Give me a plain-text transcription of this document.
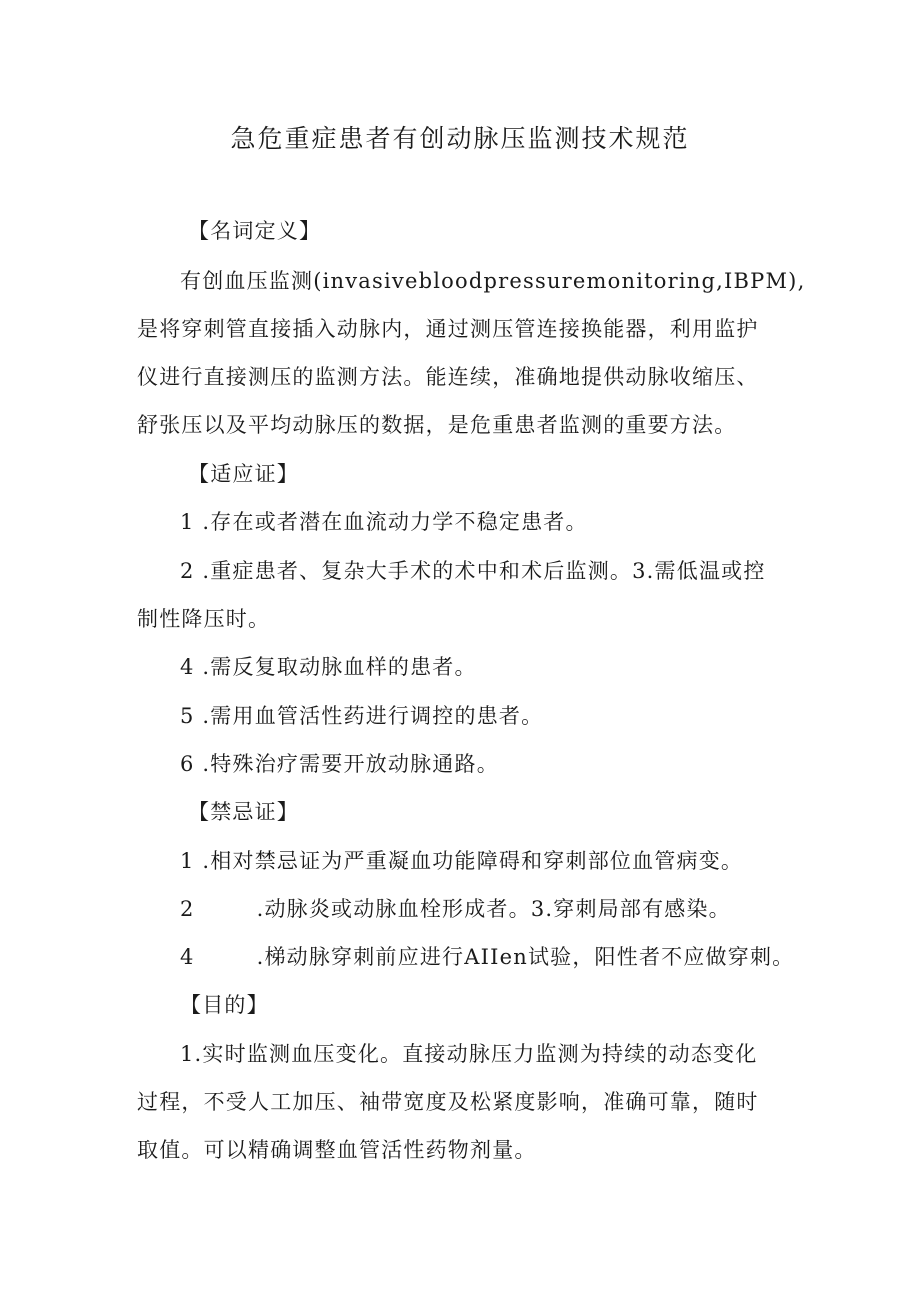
急危重症患者有创动脉压监测技术规范
【名词定义】
有创血压监测(invasivebloodpressuremonitoring,IBPM),
是将穿刺管直接插入动脉内，通过测压管连接换能器，利用监护
仪进行直接测压的监测方法。能连续，准确地提供动脉收缩压、
舒张压以及平均动脉压的数据，是危重患者监测的重要方法。
【适应证】
1 .存在或者潜在血流动力学不稳定患者。
2 .重症患者、复杂大手术的术中和术后监测。3.需低温或控
制性降压时。
4 .需反复取动脉血样的患者。
5 .需用血管活性药进行调控的患者。
6 .特殊治疗需要开放动脉通路。
【禁忌证】
1 .相对禁忌证为严重凝血功能障碍和穿刺部位血管病变。
2	.动脉炎或动脉血栓形成者。3.穿刺局部有感染。
4	.梯动脉穿刺前应进行AIIen试验，阳性者不应做穿刺。
【目的】
1.实时监测血压变化。直接动脉压力监测为持续的动态变化
过程，不受人工加压、袖带宽度及松紧度影响，准确可靠，随时
取值。可以精确调整血管活性药物剂量。
